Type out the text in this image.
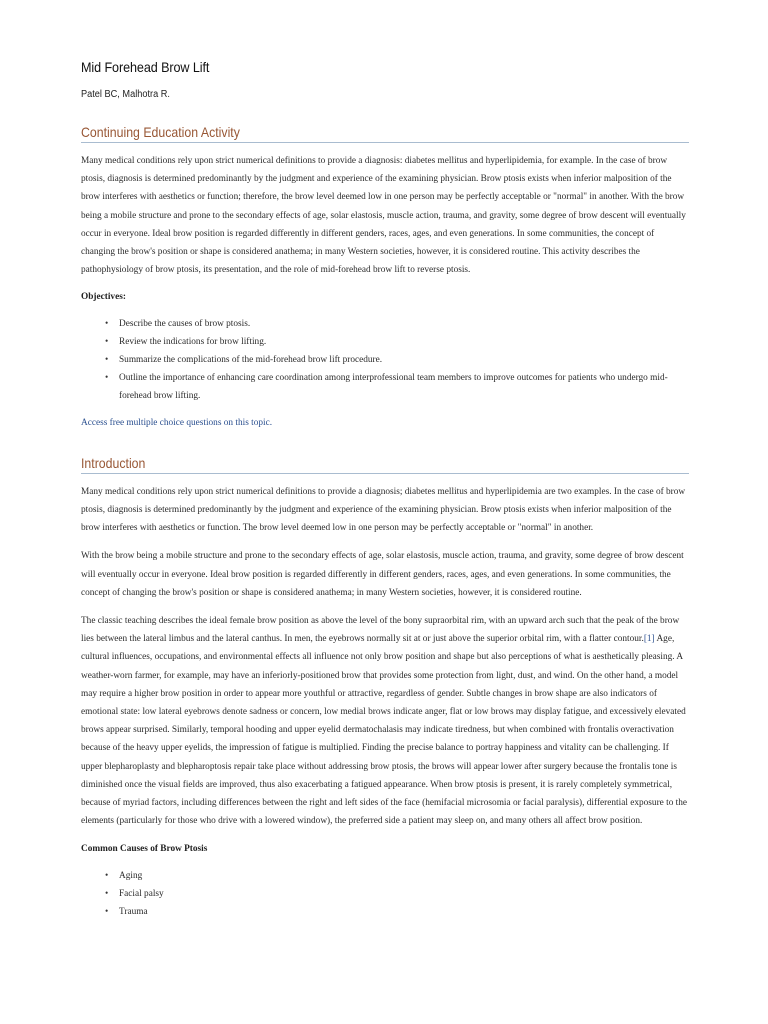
Mid Forehead Brow Lift
Patel BC, Malhotra R.
Continuing Education Activity

Many medical conditions rely upon strict numerical definitions to provide a diagnosis: diabetes mellitus and hyperlipidemia, for example. In the case of brow ptosis, diagnosis is determined predominantly by the judgment and experience of the examining physician. Brow ptosis exists when inferior malposition of the brow interferes with aesthetics or function; therefore, the brow level deemed low in one person may be perfectly acceptable or "normal" in another. With the brow being a mobile structure and prone to the secondary effects of age, solar elastosis, muscle action, trauma, and gravity, some degree of brow descent will eventually occur in everyone. Ideal brow position is regarded differently in different genders, races, ages, and even generations. In some communities, the concept of changing the brow's position or shape is considered anathema; in many Western societies, however, it is considered routine. This activity describes the pathophysiology of brow ptosis, its presentation, and the role of mid-forehead brow lift to reverse ptosis.

Objectives:
• Describe the causes of brow ptosis.
• Review the indications for brow lifting.
• Summarize the complications of the mid-forehead brow lift procedure.
• Outline the importance of enhancing care coordination among interprofessional team members to improve outcomes for patients who undergo mid-forehead brow lifting.
Access free multiple choice questions on this topic.
Introduction

Many medical conditions rely upon strict numerical definitions to provide a diagnosis; diabetes mellitus and hyperlipidemia are two examples. In the case of brow ptosis, diagnosis is determined predominantly by the judgment and experience of the examining physician. Brow ptosis exists when inferior malposition of the brow interferes with aesthetics or function. The brow level deemed low in one person may be perfectly acceptable or "normal" in another.

With the brow being a mobile structure and prone to the secondary effects of age, solar elastosis, muscle action, trauma, and gravity, some degree of brow descent will eventually occur in everyone. Ideal brow position is regarded differently in different genders, races, ages, and even generations. In some communities, the concept of changing the brow's position or shape is considered anathema; in many Western societies, however, it is considered routine.

The classic teaching describes the ideal female brow position as above the level of the bony supraorbital rim, with an upward arch such that the peak of the brow lies between the lateral limbus and the lateral canthus. In men, the eyebrows normally sit at or just above the superior orbital rim, with a flatter contour.[1] Age, cultural influences, occupations, and environmental effects all influence not only brow position and shape but also perceptions of what is aesthetically pleasing. A weather-worn farmer, for example, may have an inferiorly-positioned brow that provides some protection from light, dust, and wind. On the other hand, a model may require a higher brow position in order to appear more youthful or attractive, regardless of gender. Subtle changes in brow shape are also indicators of emotional state: low lateral eyebrows denote sadness or concern, low medial brows indicate anger, flat or low brows may display fatigue, and excessively elevated brows appear surprised. Similarly, temporal hooding and upper eyelid dermatochalasis may indicate tiredness, but when combined with frontalis overactivation because of the heavy upper eyelids, the impression of fatigue is multiplied. Finding the precise balance to portray happiness and vitality can be challenging. If upper blepharoplasty and blepharoptosis repair take place without addressing brow ptosis, the brows will appear lower after surgery because the frontalis tone is diminished once the visual fields are improved, thus also exacerbating a fatigued appearance. When brow ptosis is present, it is rarely completely symmetrical, because of myriad factors, including differences between the right and left sides of the face (hemifacial microsomia or facial paralysis), differential exposure to the elements (particularly for those who drive with a lowered window), the preferred side a patient may sleep on, and many others all affect brow position.

Common Causes of Brow Ptosis
• Aging
• Facial palsy
• Trauma
